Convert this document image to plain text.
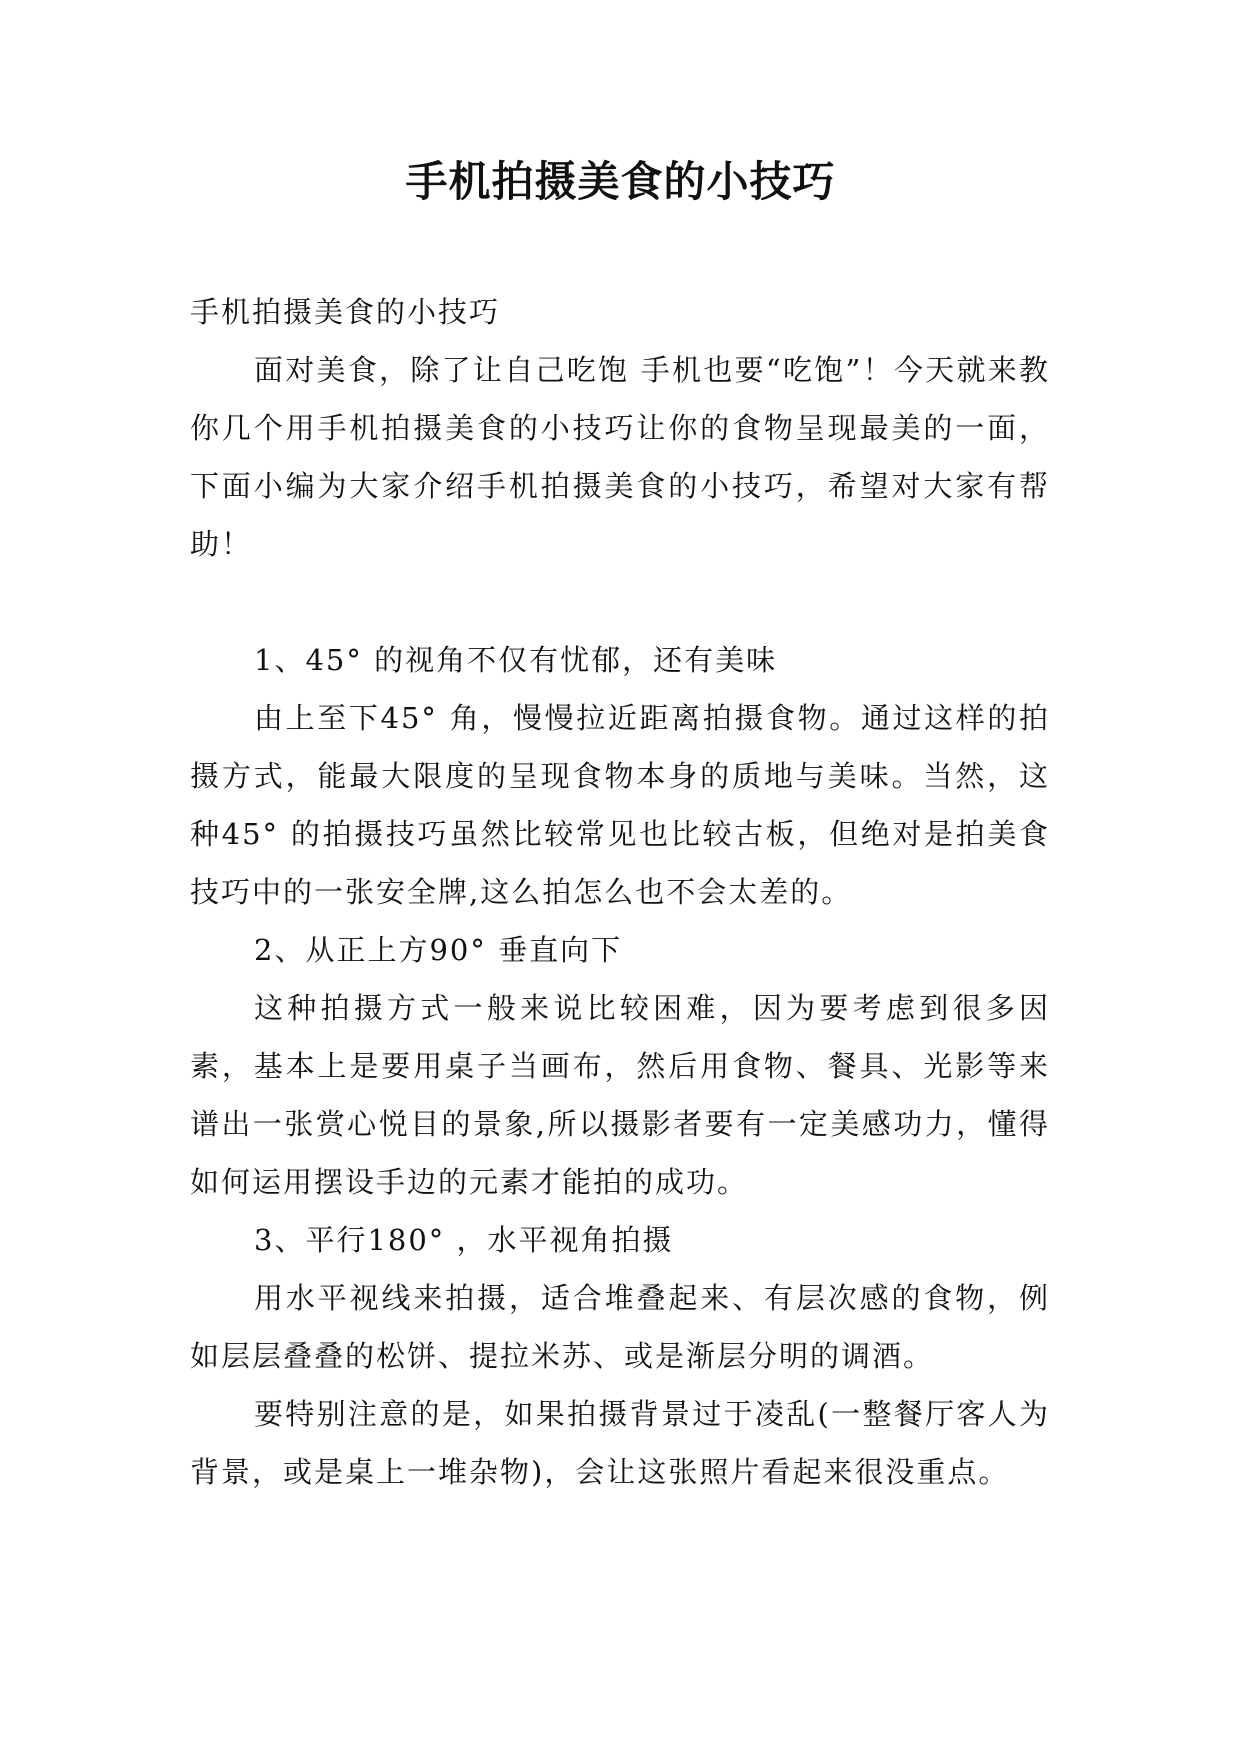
手机拍摄美食的小技巧

手机拍摄美食的小技巧

面对美食，除了让自己吃饱 手机也要“吃饱”！今天就来教你几个用手机拍摄美食的小技巧让你的食物呈现最美的一面，下面小编为大家介绍手机拍摄美食的小技巧，希望对大家有帮助！

1、45° 的视角不仅有忧郁，还有美味

由上至下45° 角，慢慢拉近距离拍摄食物。通过这样的拍摄方式，能最大限度的呈现食物本身的质地与美味。当然，这种45° 的拍摄技巧虽然比较常见也比较古板，但绝对是拍美食技巧中的一张安全牌,这么拍怎么也不会太差的。

2、从正上方90° 垂直向下

这种拍摄方式一般来说比较困难，因为要考虑到很多因素，基本上是要用桌子当画布，然后用食物、餐具、光影等来谱出一张赏心悦目的景象,所以摄影者要有一定美感功力，懂得如何运用摆设手边的元素才能拍的成功。

3、平行180° ，水平视角拍摄

用水平视线来拍摄，适合堆叠起来、有层次感的食物，例如层层叠叠的松饼、提拉米苏、或是渐层分明的调酒。

要特别注意的是，如果拍摄背景过于凌乱(一整餐厅客人为背景，或是桌上一堆杂物)，会让这张照片看起来很没重点。
